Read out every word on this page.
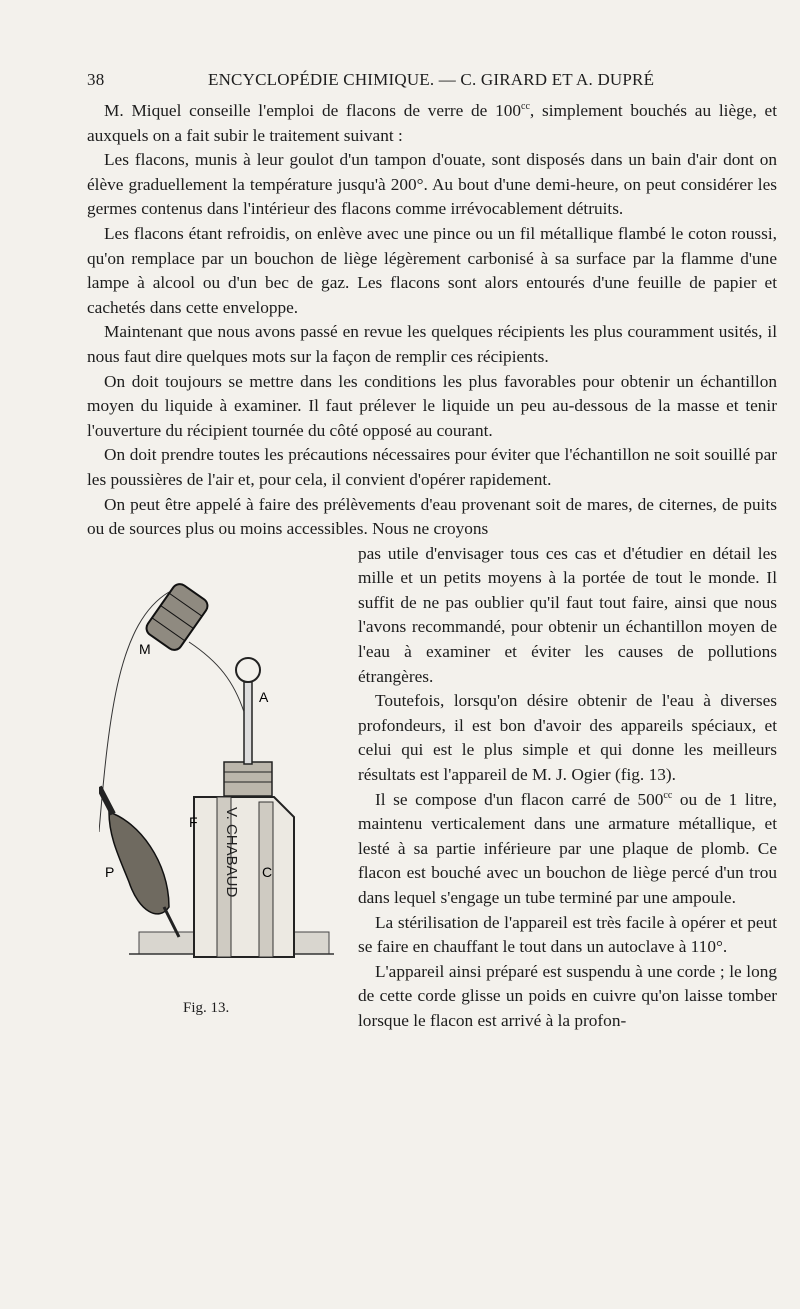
38	ENCYCLOPÉDIE CHIMIQUE. — C. GIRARD ET A. DUPRÉ

M. Miquel conseille l'emploi de flacons de verre de $100^{cc}$, simplement bouchés au liège, et auxquels on a fait subir le traitement suivant :

Les flacons, munis à leur goulot d'un tampon d'ouate, sont disposés dans un bain d'air dont on élève graduellement la température jusqu'à 200°. Au bout d'une demi-heure, on peut considérer les germes contenus dans l'intérieur des flacons comme irrévocablement détruits.

Les flacons étant refroidis, on enlève avec une pince ou un fil métallique flambé le coton roussi, qu'on remplace par un bouchon de liège légèrement carbonisé à sa surface par la flamme d'une lampe à alcool ou d'un bec de gaz. Les flacons sont alors entourés d'une feuille de papier et cachetés dans cette enveloppe.

Maintenant que nous avons passé en revue les quelques récipients les plus couramment usités, il nous faut dire quelques mots sur la façon de remplir ces récipients.

On doit toujours se mettre dans les conditions les plus favorables pour obtenir un échantillon moyen du liquide à examiner. Il faut prélever le liquide un peu au-dessous de la masse et tenir l'ouverture du récipient tournée du côté opposé au courant.

On doit prendre toutes les précautions nécessaires pour éviter que l'échantillon ne soit souillé par les poussières de l'air et, pour cela, il convient d'opérer rapidement.

On peut être appelé à faire des prélèvements d'eau provenant soit de mares, de citernes, de puits ou de sources plus ou moins accessibles. Nous ne croyons

V. CHABAUD
M
A
F
P	C
Fig. 13.

pas utile d'envisager tous ces cas et d'étudier en détail les mille et un petits moyens à la portée de tout le monde. Il suffit de ne pas oublier qu'il faut tout faire, ainsi que nous l'avons recommandé, pour obtenir un échantillon moyen de l'eau à examiner et éviter les causes de pollutions étrangères.

Toutefois, lorsqu'on désire obtenir de l'eau à diverses profondeurs, il est bon d'avoir des appareils spéciaux, et celui qui est le plus simple et qui donne les meilleurs résultats est l'appareil de M. J. Ogier (fig. 13).

Il se compose d'un flacon carré de $500^{cc}$ ou de 1 litre, maintenu verticalement dans une armature métallique, et lesté à sa partie inférieure par une plaque de plomb. Ce flacon est bouché avec un bouchon de liège percé d'un trou dans lequel s'engage un tube terminé par une ampoule.

La stérilisation de l'appareil est très facile à opérer et peut se faire en chauffant le tout dans un autoclave à 110°.

L'appareil ainsi préparé est suspendu à une corde ; le long de cette corde glisse un poids en cuivre qu'on laisse tomber lorsque le flacon est arrivé à la profon-
